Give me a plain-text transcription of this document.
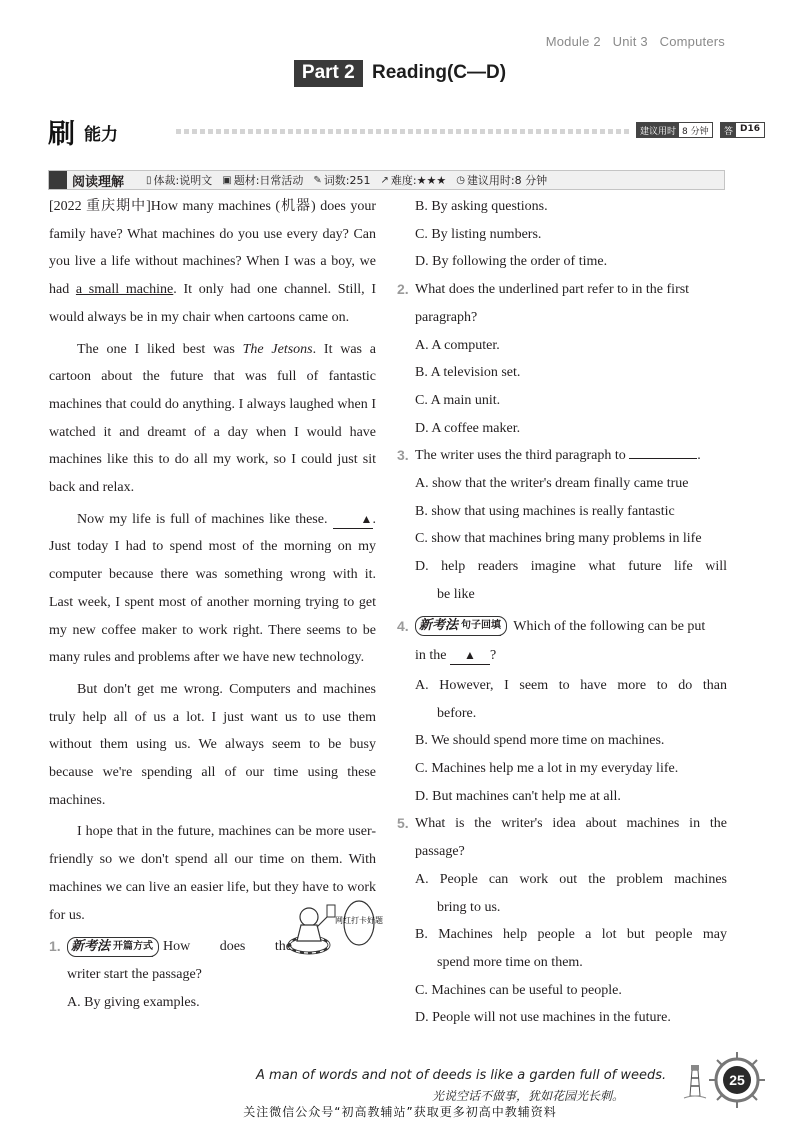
Module 2 Unit 3 Computers
Part 2 Reading(C—D)
刷 能力	建议用时 8 分钟	答案
D16
阅读理解 ▯ 体裁:说明文 ▣ 题材:日常活动 ✎ 词数:251 ↗ 难度:★★★ ◷ 建议用时:8 分钟

[2022 重庆期中]How many machines (机器) does your family have? What machines do you use every day? Can you live a life without machines? When I was a boy, we had a small machine. It only had one channel. Still, I would always be in my chair when cartoons came on.

The one I liked best was The Jetsons. It was a cartoon about the future that was full of fantastic machines that could do anything. I always laughed when I watched it and dreamt of a day when I would have machines like this to do all my work, so I could just sit back and relax.

Now my life is full of machines like these. ▲. Just today I had to spend most of the morning on my computer because there was something wrong with it. Last week, I spent most of another morning trying to get my new coffee maker to work right. There seems to be many rules and problems after we have new technology.

But don't get me wrong. Computers and machines truly help all of us a lot. I just want us to use them without them using us. We always seem to be busy because we're spending all of our time using these machines.

I hope that in the future, machines can be more user-friendly so we don't spend all our time on them. With machines we can live an easier life, but they have to work for us.

1. 新考法 开篇方式 How does the
网红打卡好题
writer start the passage?
A. By giving examples.
B. By asking questions.
C. By listing numbers.
D. By following the order of time.
2. What does the underlined part refer to in the first paragraph?
A. A computer.
B. A television set.
C. A main unit.
D. A coffee maker.
3. The writer uses the third paragraph to	.
A. show that the writer's dream finally came true
B. show that using machines is really fantastic
C. show that machines bring many problems in life
D. help readers imagine what future life will
be like
4. 新考法 句子回填 Which of the following can be put
in the ▲ ?
A. However, I seem to have more to do than
before.
B. We should spend more time on machines.
C. Machines help me a lot in my everyday life.
D. But machines can't help me at all.
5. What is the writer's idea about machines in the passage?
A. People can work out the problem machines
bring to us.
B. Machines help people a lot but people may
spend more time on them.
C. Machines can be useful to people.
D. People will not use machines in the future.
A man of words and not of deeds is like a garden full of weeds.
光说空话不做事，犹如花园光长刺。
25
关注微信公众号“初高教辅站”获取更多初高中教辅资料
